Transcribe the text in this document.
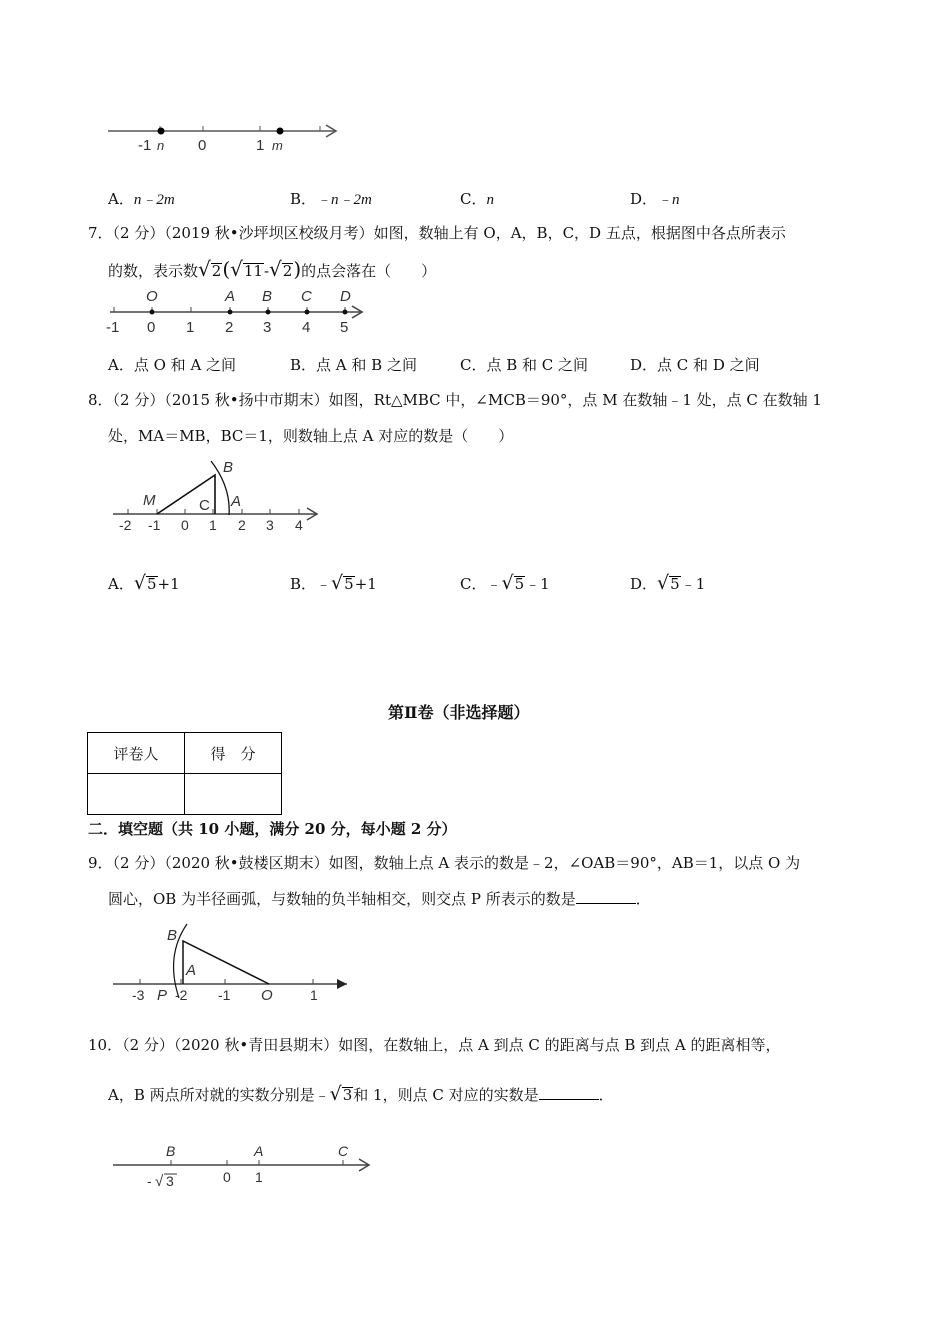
-1 n 0	1 m
A．n﹣2m	B．﹣n﹣2m	C．n	D．﹣n
7．（2 分）（2019 秋•沙坪坝区校级月考）如图，数轴上有 O，A，B，C，D 五点，根据图中各点所表示
的数，表示数√2(√11-√2)的点会落在（　　）
O	A B C D
-1 0 1 2 3 4 5
A．点 O 和 A 之间	B．点 A 和 B 之间	C．点 B 和 C 之间	D．点 C 和 D 之间
8．（2 分）（2015 秋•扬中市期末）如图，Rt△MBC 中，∠MCB＝90°，点 M 在数轴﹣1 处，点 C 在数轴 1
处，MA＝MB，BC＝1，则数轴上点 A 对应的数是（　　）
M
B
C A
-2 -1 0 1 2 3 4
A．√5+1	B．﹣√5+1	C．﹣√5﹣1	D．√5﹣1
第Ⅱ卷（非选择题）
评卷人	得　分

二．填空题（共 10 小题，满分 20 分，每小题 2 分）
9．（2 分）（2020 秋•鼓楼区期末）如图，数轴上点 A 表示的数是﹣2，∠OAB＝90°，AB＝1，以点 O 为
圆心，OB 为半径画弧，与数轴的负半轴相交，则交点 P 所表示的数是	．
B
A
-3 P -2 -1 O	1
10．（2 分）（2020 秋•青田县期末）如图，在数轴上，点 A 到点 C 的距离与点 B 到点 A 的距离相等，
A，B 两点所对就的实数分别是﹣√3和 1，则点 C 对应的实数是	．
B	A	C
- √ 3	0 1
